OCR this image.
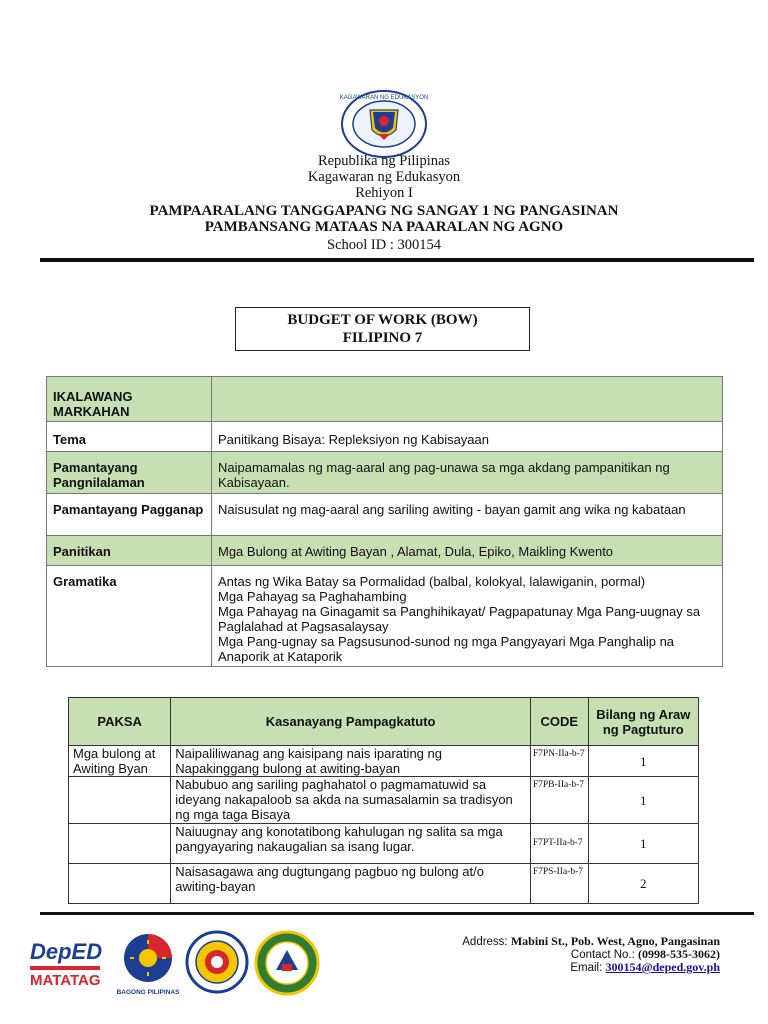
KAGAWARAN NG EDUKASYON
Republika ng Pilipinas
Kagawaran ng Edukasyon
Rehiyon I
PAMPAARALANG TANGGAPANG NG SANGAY 1 NG PANGASINAN
PAMBANSANG MATAAS NA PAARALAN NG AGNO
School ID : 300154
BUDGET OF WORK (BOW)
FILIPINO 7
IKALAWANG MARKAHAN	
Tema	Panitikang Bisaya: Repleksiyon ng Kabisayaan
Pamantayang Pangnilalaman	Naipamamalas ng mag-aaral ang pag-unawa sa mga akdang pampanitikan ng Kabisayaan.
Pamantayang Pagganap	Naisusulat ng mag-aaral ang sariling awiting - bayan gamit ang wika ng kabataan
Panitikan	Mga Bulong at Awiting Bayan , Alamat, Dula, Epiko, Maikling Kwento
Gramatika	Antas ng Wika Batay sa Pormalidad (balbal, kolokyal, lalawiganin, pormal)
Mga Pahayag sa Paghahambing
Mga Pahayag na Ginagamit sa Panghihikayat/ Pagpapatunay Mga Pang-uugnay sa Paglalahad at Pagsasalaysay
Mga Pang-ugnay sa Pagsusunod-sunod ng mga Pangyayari Mga Panghalip na Anaporik at Kataporik
PAKSA	Kasanayang Pampagkatuto	CODE	Bilang ng Araw ng Pagtuturo
Mga bulong at Awiting Byan	Naipaliliwanag ang kaisipang nais iparating ng Napakinggang bulong at awiting-bayan	F7PN-IIa-b-7	1
	Nabubuo ang sariling paghahatol o pagmamatuwid sa ideyang nakapaloob sa akda na sumasalamin sa tradisyon ng mga taga Bisaya	F7PB-IIa-b-7	1
	Naiuugnay ang konotatibong kahulugan ng salita sa mga pangyayaring nakaugalian sa isang lugar.	F7PT-IIa-b-7	1
	Naisasagawa ang dugtungang pagbuo ng bulong at/o awiting-bayan	F7PS-IIa-b-7	2
DepED
MATATAG
BAGONG PILIPINAS
Address: Mabini St., Pob. West, Agno, Pangasinan
Contact No.: (0998-535-3062)
Email: 300154@deped.gov.ph
